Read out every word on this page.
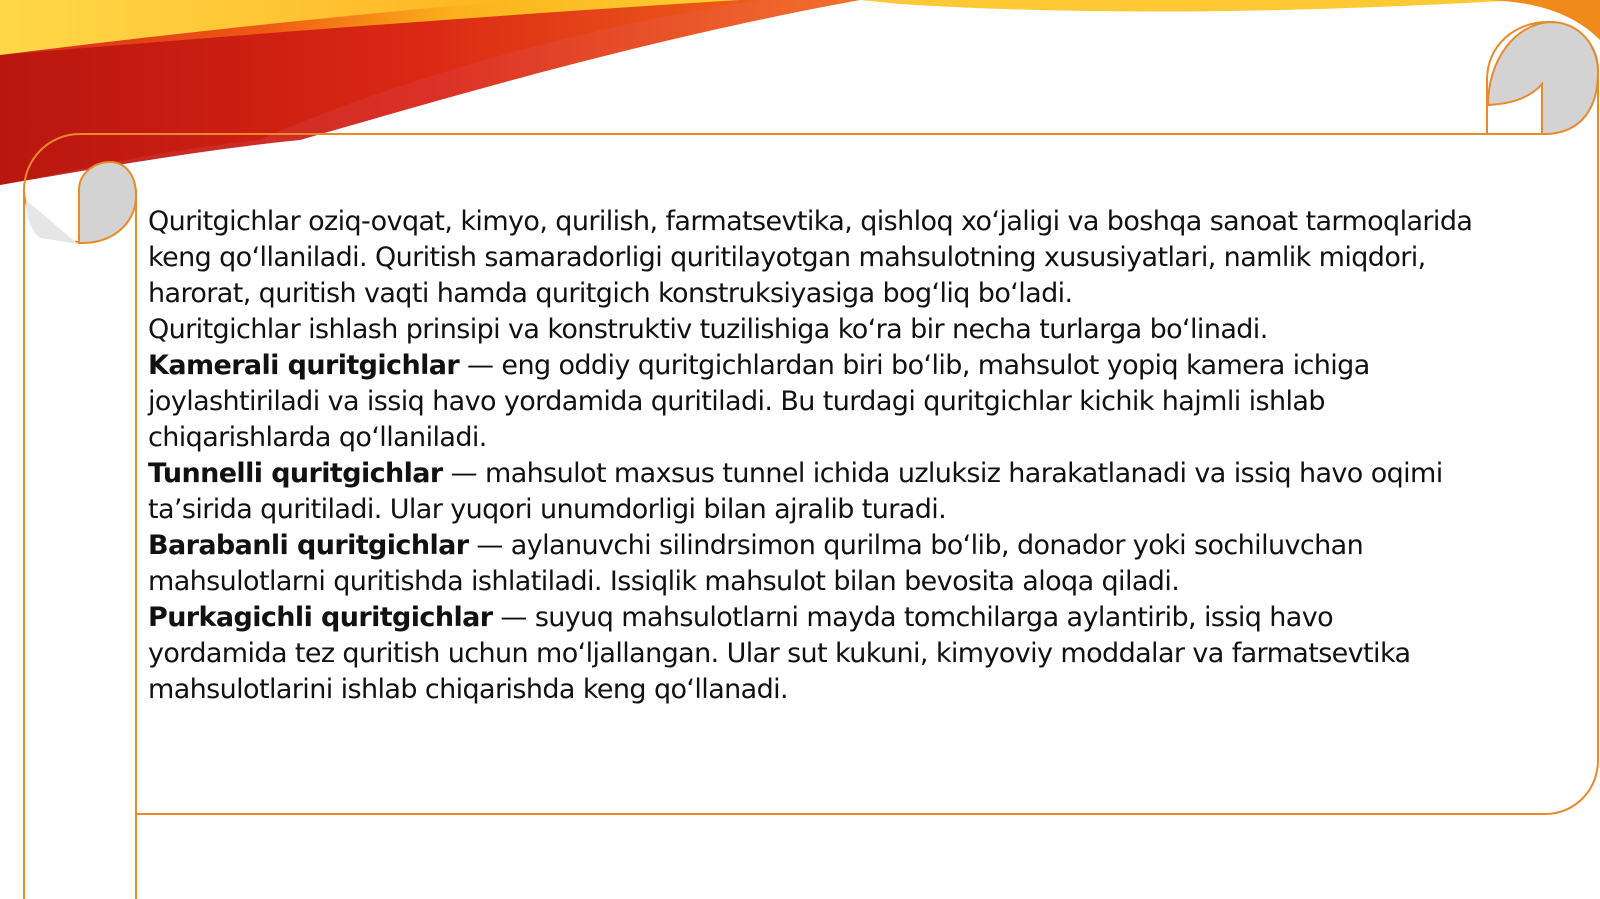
Quritgichlar oziq-ovqat, kimyo, qurilish, farmatsevtika, qishloq xo‘jaligi va boshqa sanoat tarmoqlarida keng qo‘llaniladi. Quritish samaradorligi quritilayotgan mahsulotning xususiyatlari, namlik miqdori, harorat, quritish vaqti hamda quritgich konstruksiyasiga bog‘liq bo‘ladi.

Quritgichlar ishlash prinsipi va konstruktiv tuzilishiga ko‘ra bir necha turlarga bo‘linadi.

Kamerali quritgichlar — eng oddiy quritgichlardan biri bo‘lib, mahsulot yopiq kamera ichiga joylashtiriladi va issiq havo yordamida quritiladi. Bu turdagi quritgichlar kichik hajmli ishlab chiqarishlarda qo‘llaniladi.

Tunnelli quritgichlar — mahsulot maxsus tunnel ichida uzluksiz harakatlanadi va issiq havo oqimi ta’sirida quritiladi. Ular yuqori unumdorligi bilan ajralib turadi.

Barabanli quritgichlar — aylanuvchi silindrsimon qurilma bo‘lib, donador yoki sochiluvchan mahsulotlarni quritishda ishlatiladi. Issiqlik mahsulot bilan bevosita aloqa qiladi.

Purkagichli quritgichlar — suyuq mahsulotlarni mayda tomchilarga aylantirib, issiq havo yordamida tez quritish uchun mo‘ljallangan. Ular sut kukuni, kimyoviy moddalar va farmatsevtika mahsulotlarini ishlab chiqarishda keng qo‘llanadi.
